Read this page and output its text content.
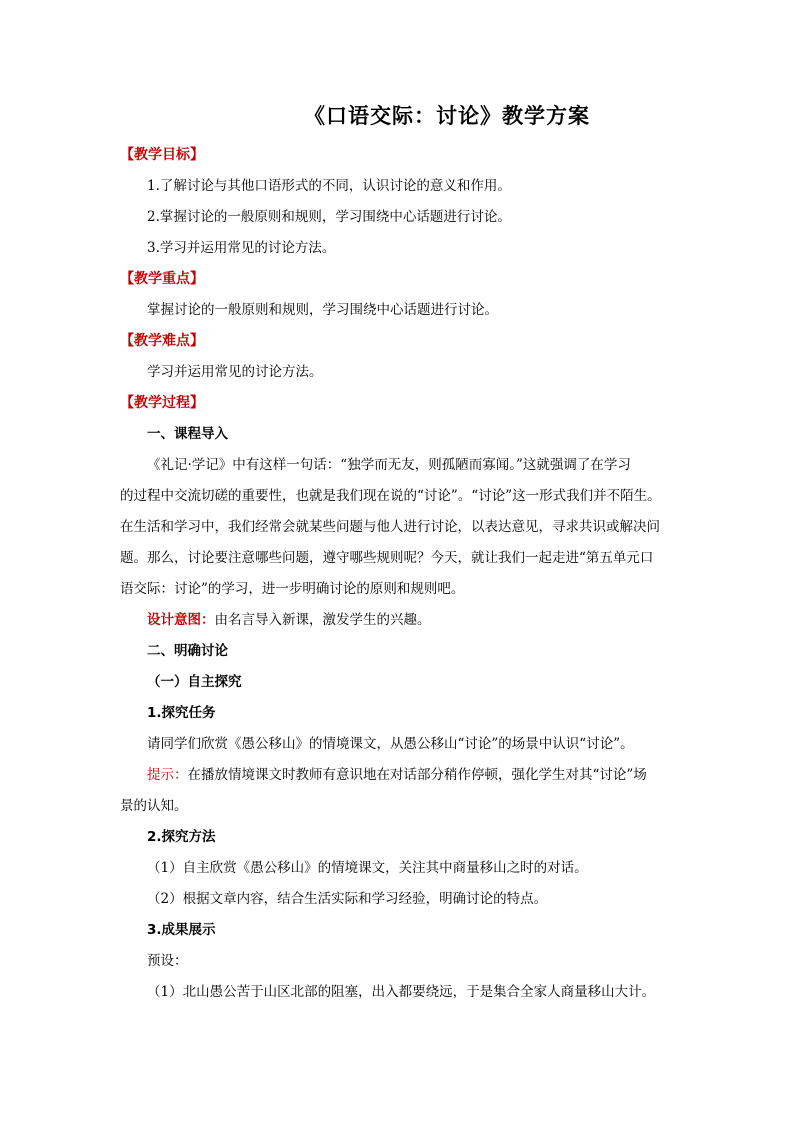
《口语交际：讨论》教学方案
【教学目标】
1.了解讨论与其他口语形式的不同，认识讨论的意义和作用。
2.掌握讨论的一般原则和规则，学习围绕中心话题进行讨论。
3.学习并运用常见的讨论方法。
【教学重点】
掌握讨论的一般原则和规则，学习围绕中心话题进行讨论。
【教学难点】
学习并运用常见的讨论方法。
【教学过程】
一、课程导入
《礼记·学记》中有这样一句话：“独学而无友，则孤陋而寡闻。”这就强调了在学习
的过程中交流切磋的重要性，也就是我们现在说的“讨论”。“讨论”这一形式我们并不陌生。
在生活和学习中，我们经常会就某些问题与他人进行讨论，以表达意见，寻求共识或解决问
题。那么，讨论要注意哪些问题，遵守哪些规则呢？今天，就让我们一起走进“第五单元口
语交际：讨论”的学习，进一步明确讨论的原则和规则吧。
设计意图：由名言导入新课，激发学生的兴趣。
二、明确讨论
（一）自主探究
1.探究任务
请同学们欣赏《愚公移山》的情境课文，从愚公移山“讨论”的场景中认识“讨论”。
提示：在播放情境课文时教师有意识地在对话部分稍作停顿，强化学生对其“讨论”场
景的认知。
2.探究方法
（1）自主欣赏《愚公移山》的情境课文，关注其中商量移山之时的对话。
（2）根据文章内容，结合生活实际和学习经验，明确讨论的特点。
3.成果展示
预设：
（1）北山愚公苦于山区北部的阻塞，出入都要绕远，于是集合全家人商量移山大计。
